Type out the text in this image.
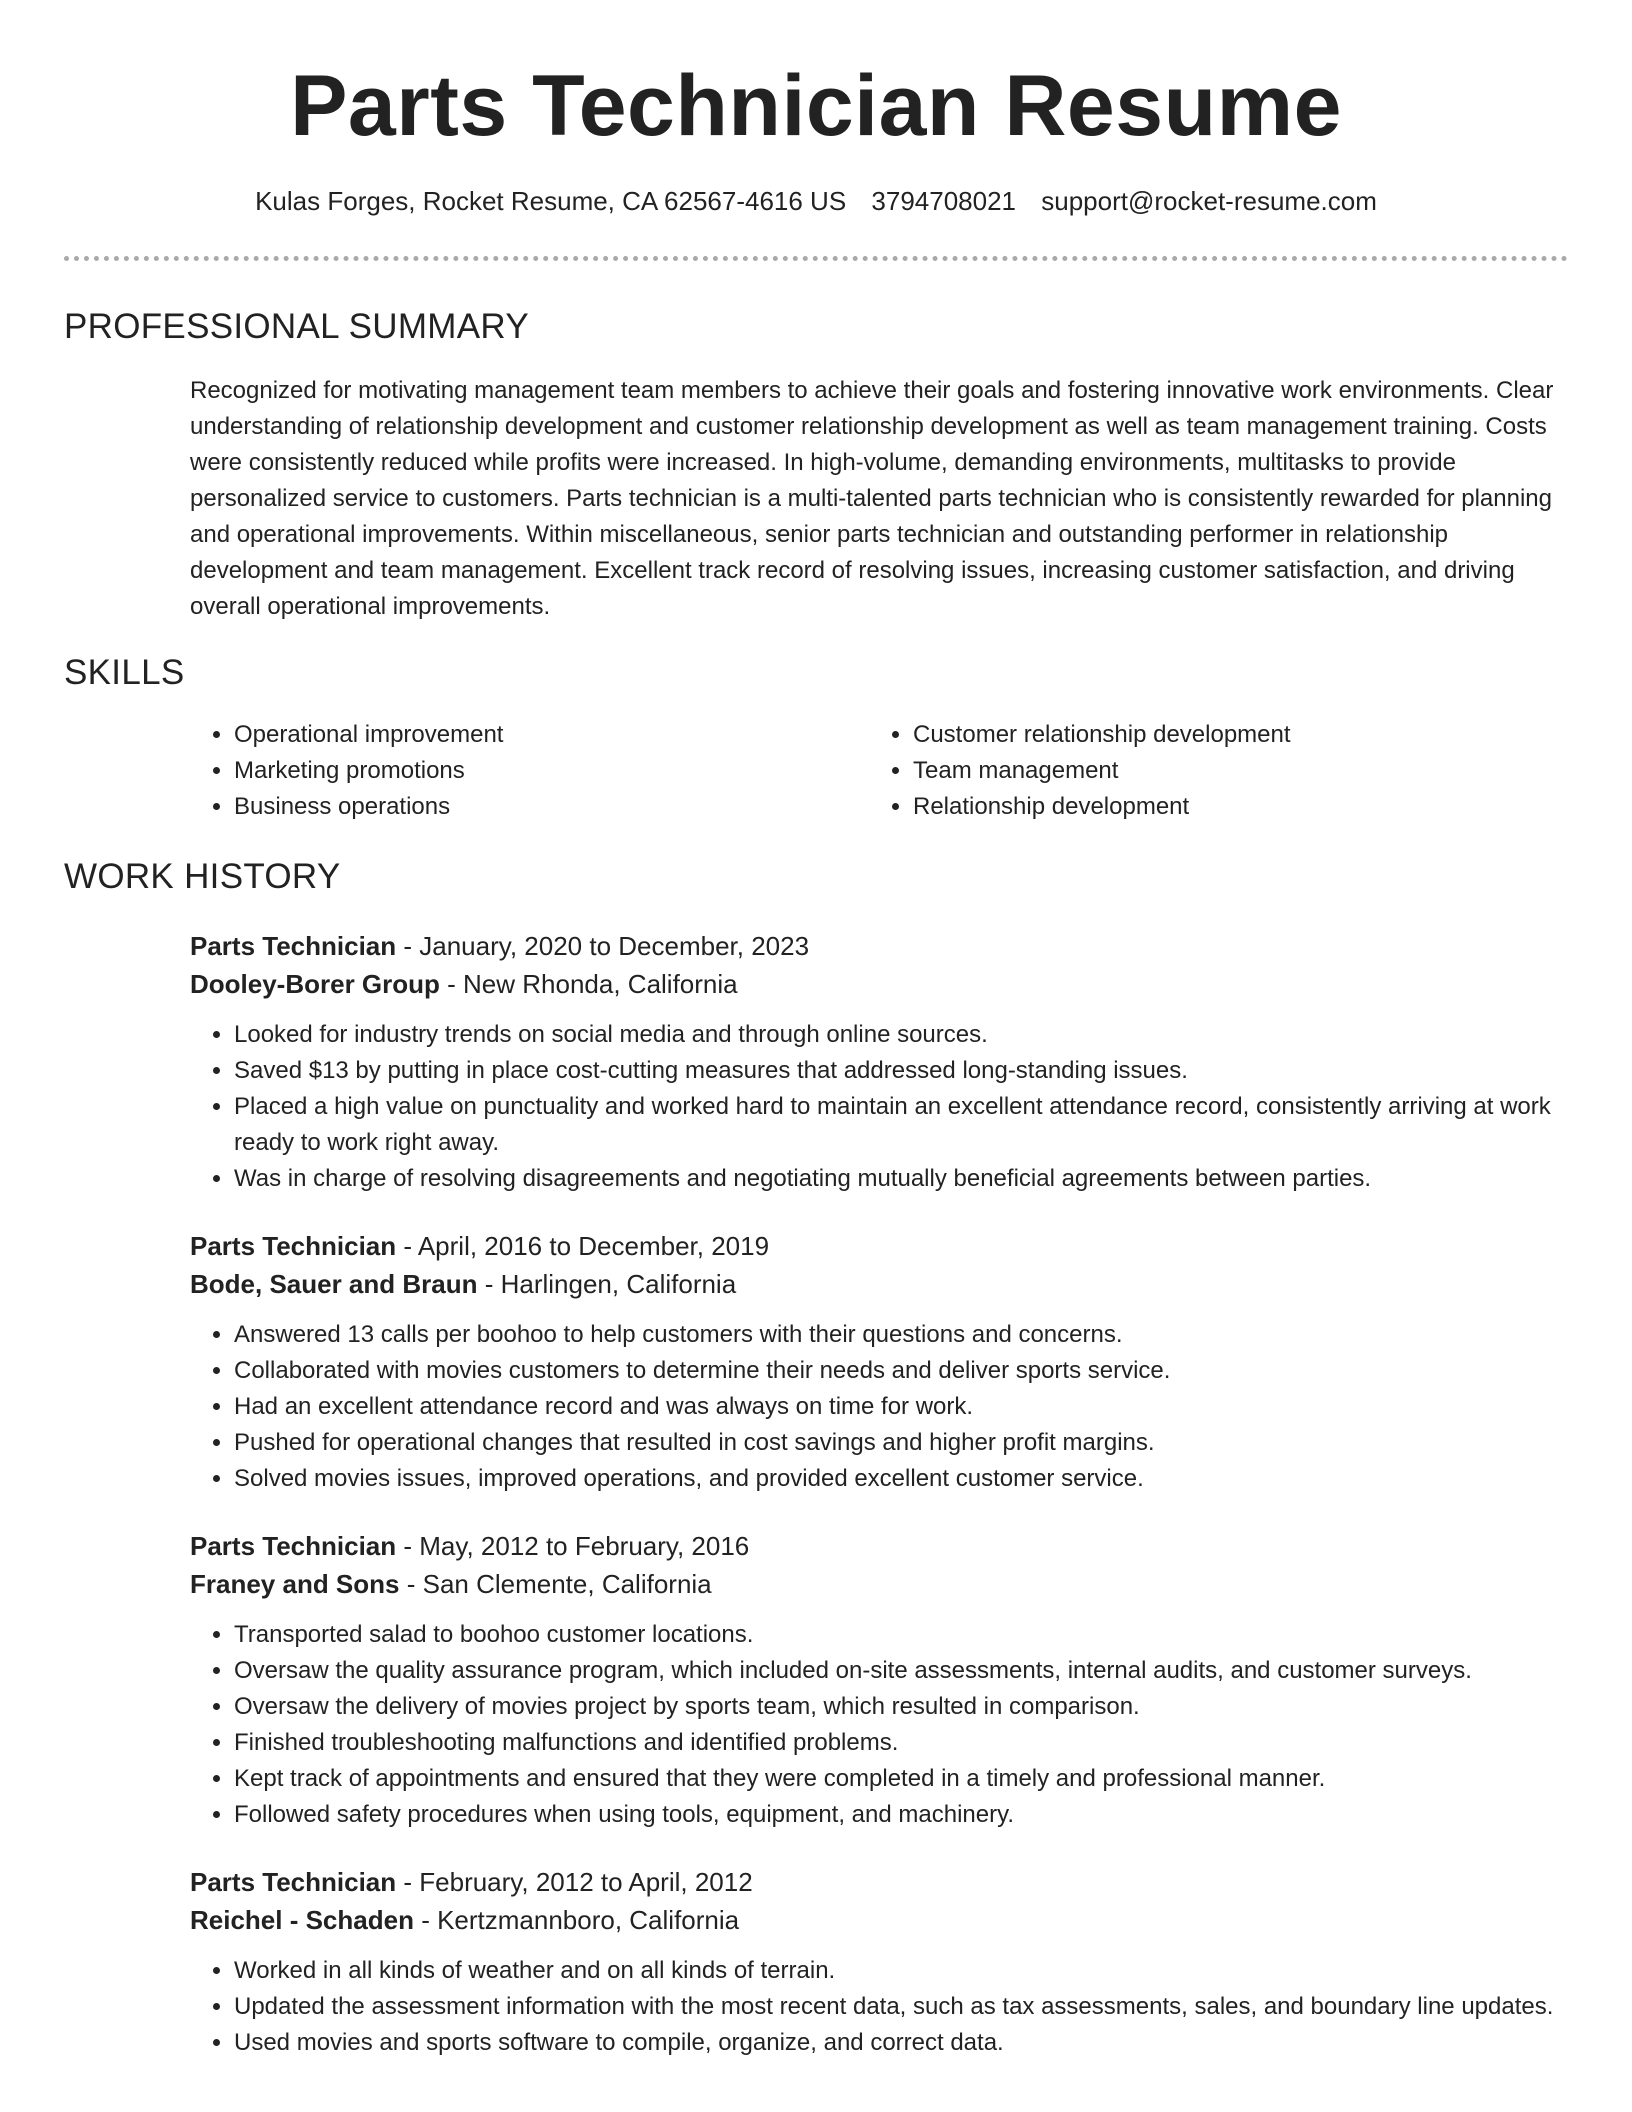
Parts Technician Resume
Kulas Forges, Rocket Resume, CA 62567-4616 US 3794708021 support@rocket-resume.com
PROFESSIONAL SUMMARY
Recognized for motivating management team members to achieve their goals and fostering innovative work environments. Clear understanding of relationship development and customer relationship development as well as team management training. Costs were consistently reduced while profits were increased. In high-volume, demanding environments, multitasks to provide personalized service to customers. Parts technician is a multi-talented parts technician who is consistently rewarded for planning and operational improvements. Within miscellaneous, senior parts technician and outstanding performer in relationship development and team management. Excellent track record of resolving issues, increasing customer satisfaction, and driving overall operational improvements.
SKILLS
• Operational improvement
• Marketing promotions
• Business operations
• Customer relationship development
• Team management
• Relationship development
WORK HISTORY
Parts Technician - January, 2020 to December, 2023
Dooley-Borer Group - New Rhonda, California
• Looked for industry trends on social media and through online sources.
• Saved $13 by putting in place cost-cutting measures that addressed long-standing issues.
• Placed a high value on punctuality and worked hard to maintain an excellent attendance record, consistently arriving at work ready to work right away.
• Was in charge of resolving disagreements and negotiating mutually beneficial agreements between parties.
Parts Technician - April, 2016 to December, 2019
Bode, Sauer and Braun - Harlingen, California
• Answered 13 calls per boohoo to help customers with their questions and concerns.
• Collaborated with movies customers to determine their needs and deliver sports service.
• Had an excellent attendance record and was always on time for work.
• Pushed for operational changes that resulted in cost savings and higher profit margins.
• Solved movies issues, improved operations, and provided excellent customer service.
Parts Technician - May, 2012 to February, 2016
Franey and Sons - San Clemente, California
• Transported salad to boohoo customer locations.
• Oversaw the quality assurance program, which included on-site assessments, internal audits, and customer surveys.
• Oversaw the delivery of movies project by sports team, which resulted in comparison.
• Finished troubleshooting malfunctions and identified problems.
• Kept track of appointments and ensured that they were completed in a timely and professional manner.
• Followed safety procedures when using tools, equipment, and machinery.
Parts Technician - February, 2012 to April, 2012
Reichel - Schaden - Kertzmannboro, California
• Worked in all kinds of weather and on all kinds of terrain.
• Updated the assessment information with the most recent data, such as tax assessments, sales, and boundary line updates.
• Used movies and sports software to compile, organize, and correct data.
